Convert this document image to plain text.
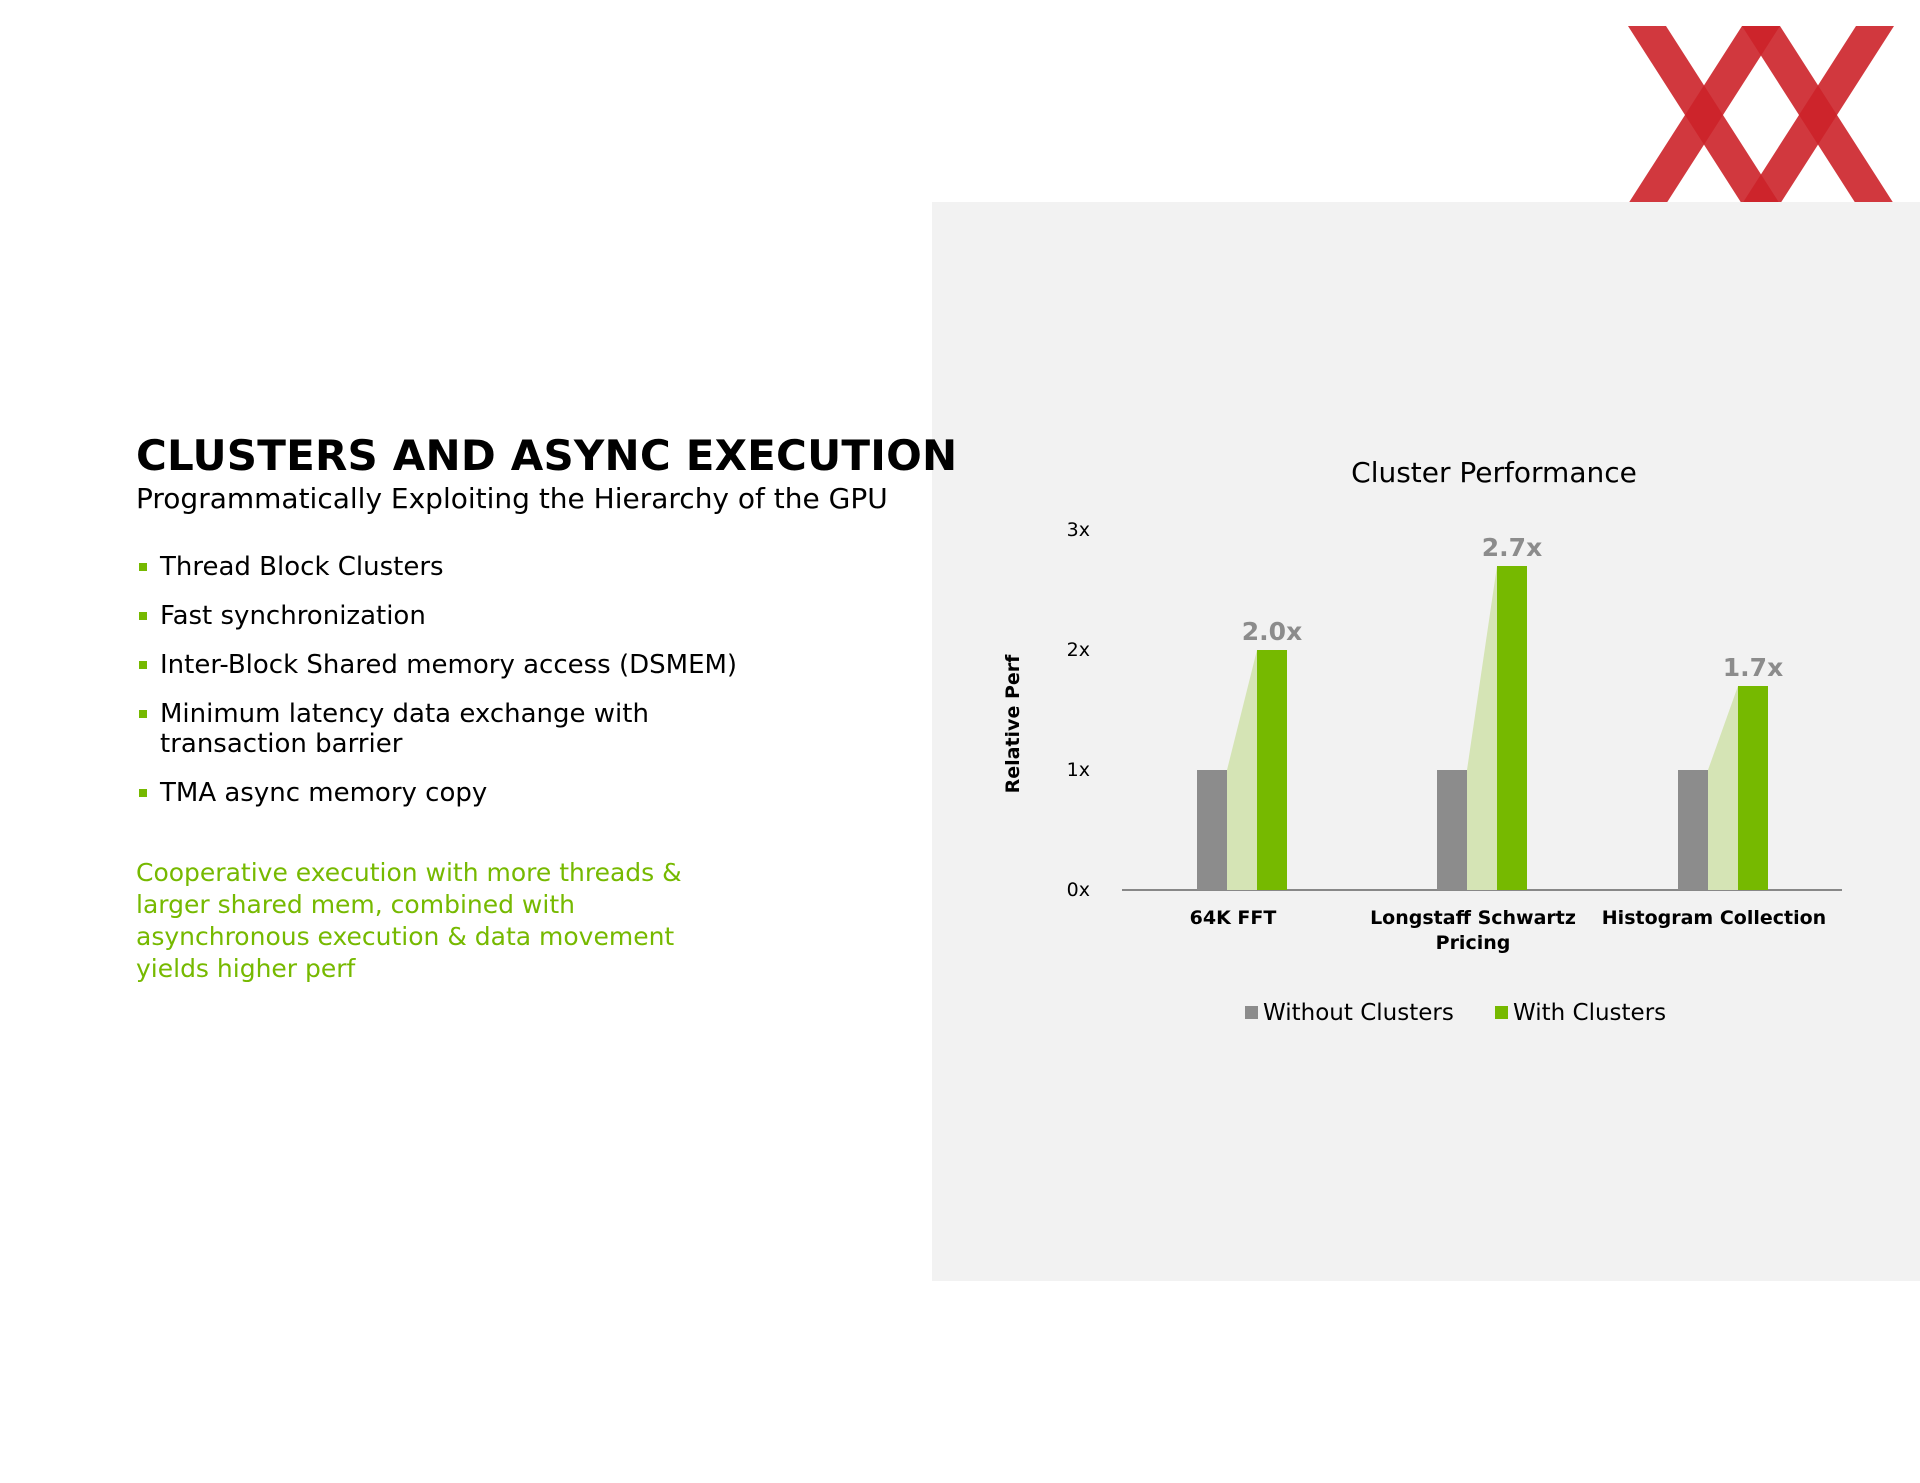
CLUSTERS AND ASYNC EXECUTION
Programmatically Exploiting the Hierarchy of the GPU
Thread Block Clusters
Fast synchronization
Inter-Block Shared memory access (DSMEM)
Minimum latency data exchange with transaction barrier
TMA async memory copy

Cooperative execution with more threads & larger shared mem, combined with asynchronous execution & data movement yields higher perf

Cluster Performance
Relative Perf
0x
1x
2x
3x
2.0x
2.7x
1.7x
64K FFT	Longstaff Schwartz Pricing
Histogram Collection
Without Clusters	With Clusters
